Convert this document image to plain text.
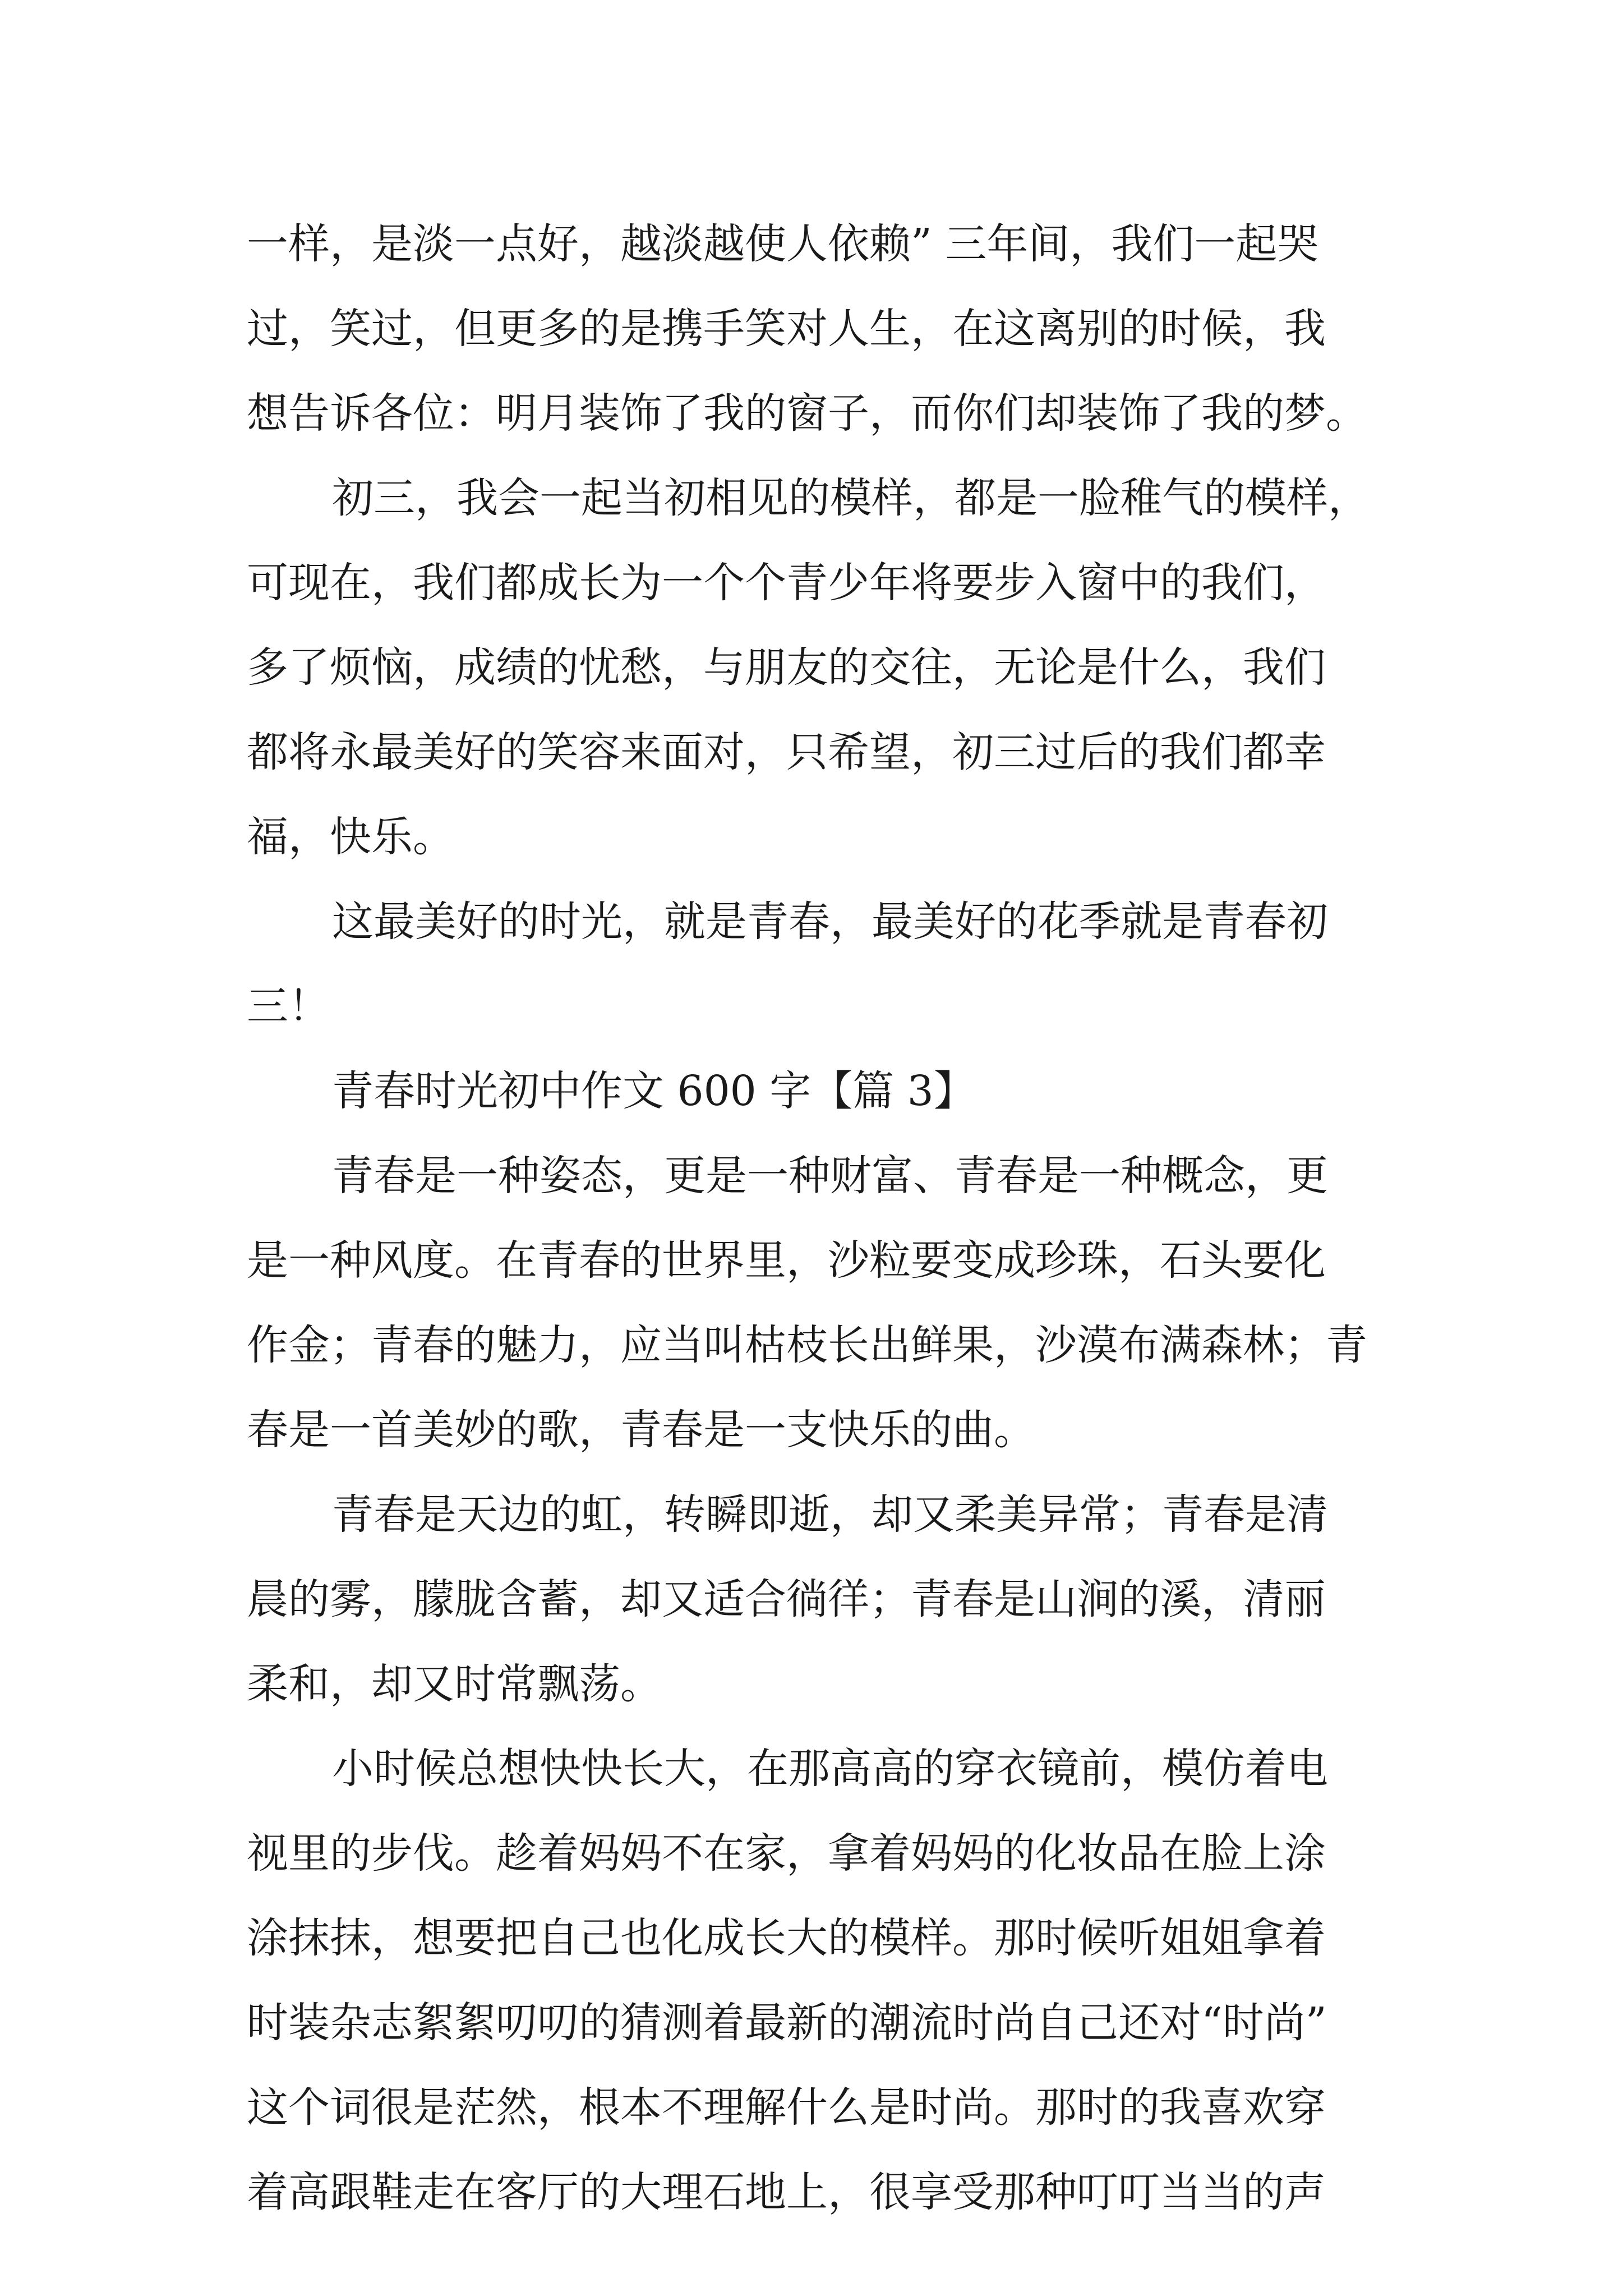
一样，是淡一点好，越淡越使人依赖” 三年间，我们一起哭
过，笑过，但更多的是携手笑对人生，在这离别的时候，我
想告诉各位：明月装饰了我的窗子，而你们却装饰了我的梦。
初三，我会一起当初相见的模样，都是一脸稚气的模样，
可现在，我们都成长为一个个青少年将要步入窗中的我们，
多了烦恼，成绩的忧愁，与朋友的交往，无论是什么，我们
都将永最美好的笑容来面对，只希望，初三过后的我们都幸
福，快乐。
这最美好的时光，就是青春，最美好的花季就是青春初
三！
青春时光初中作文 600 字【篇 3】
青春是一种姿态，更是一种财富、青春是一种概念，更
是一种风度。在青春的世界里，沙粒要变成珍珠，石头要化
作金；青春的魅力，应当叫枯枝长出鲜果，沙漠布满森林；青
春是一首美妙的歌，青春是一支快乐的曲。
青春是天边的虹，转瞬即逝，却又柔美异常；青春是清
晨的雾，朦胧含蓄，却又适合徜徉；青春是山涧的溪，清丽
柔和，却又时常飘荡。
小时候总想快快长大，在那高高的穿衣镜前，模仿着电
视里的步伐。趁着妈妈不在家，拿着妈妈的化妆品在脸上涂
涂抹抹，想要把自己也化成长大的模样。那时候听姐姐拿着
时装杂志絮絮叨叨的猜测着最新的潮流时尚自己还对“时尚”
这个词很是茫然，根本不理解什么是时尚。那时的我喜欢穿
着高跟鞋走在客厅的大理石地上，很享受那种叮叮当当的声
